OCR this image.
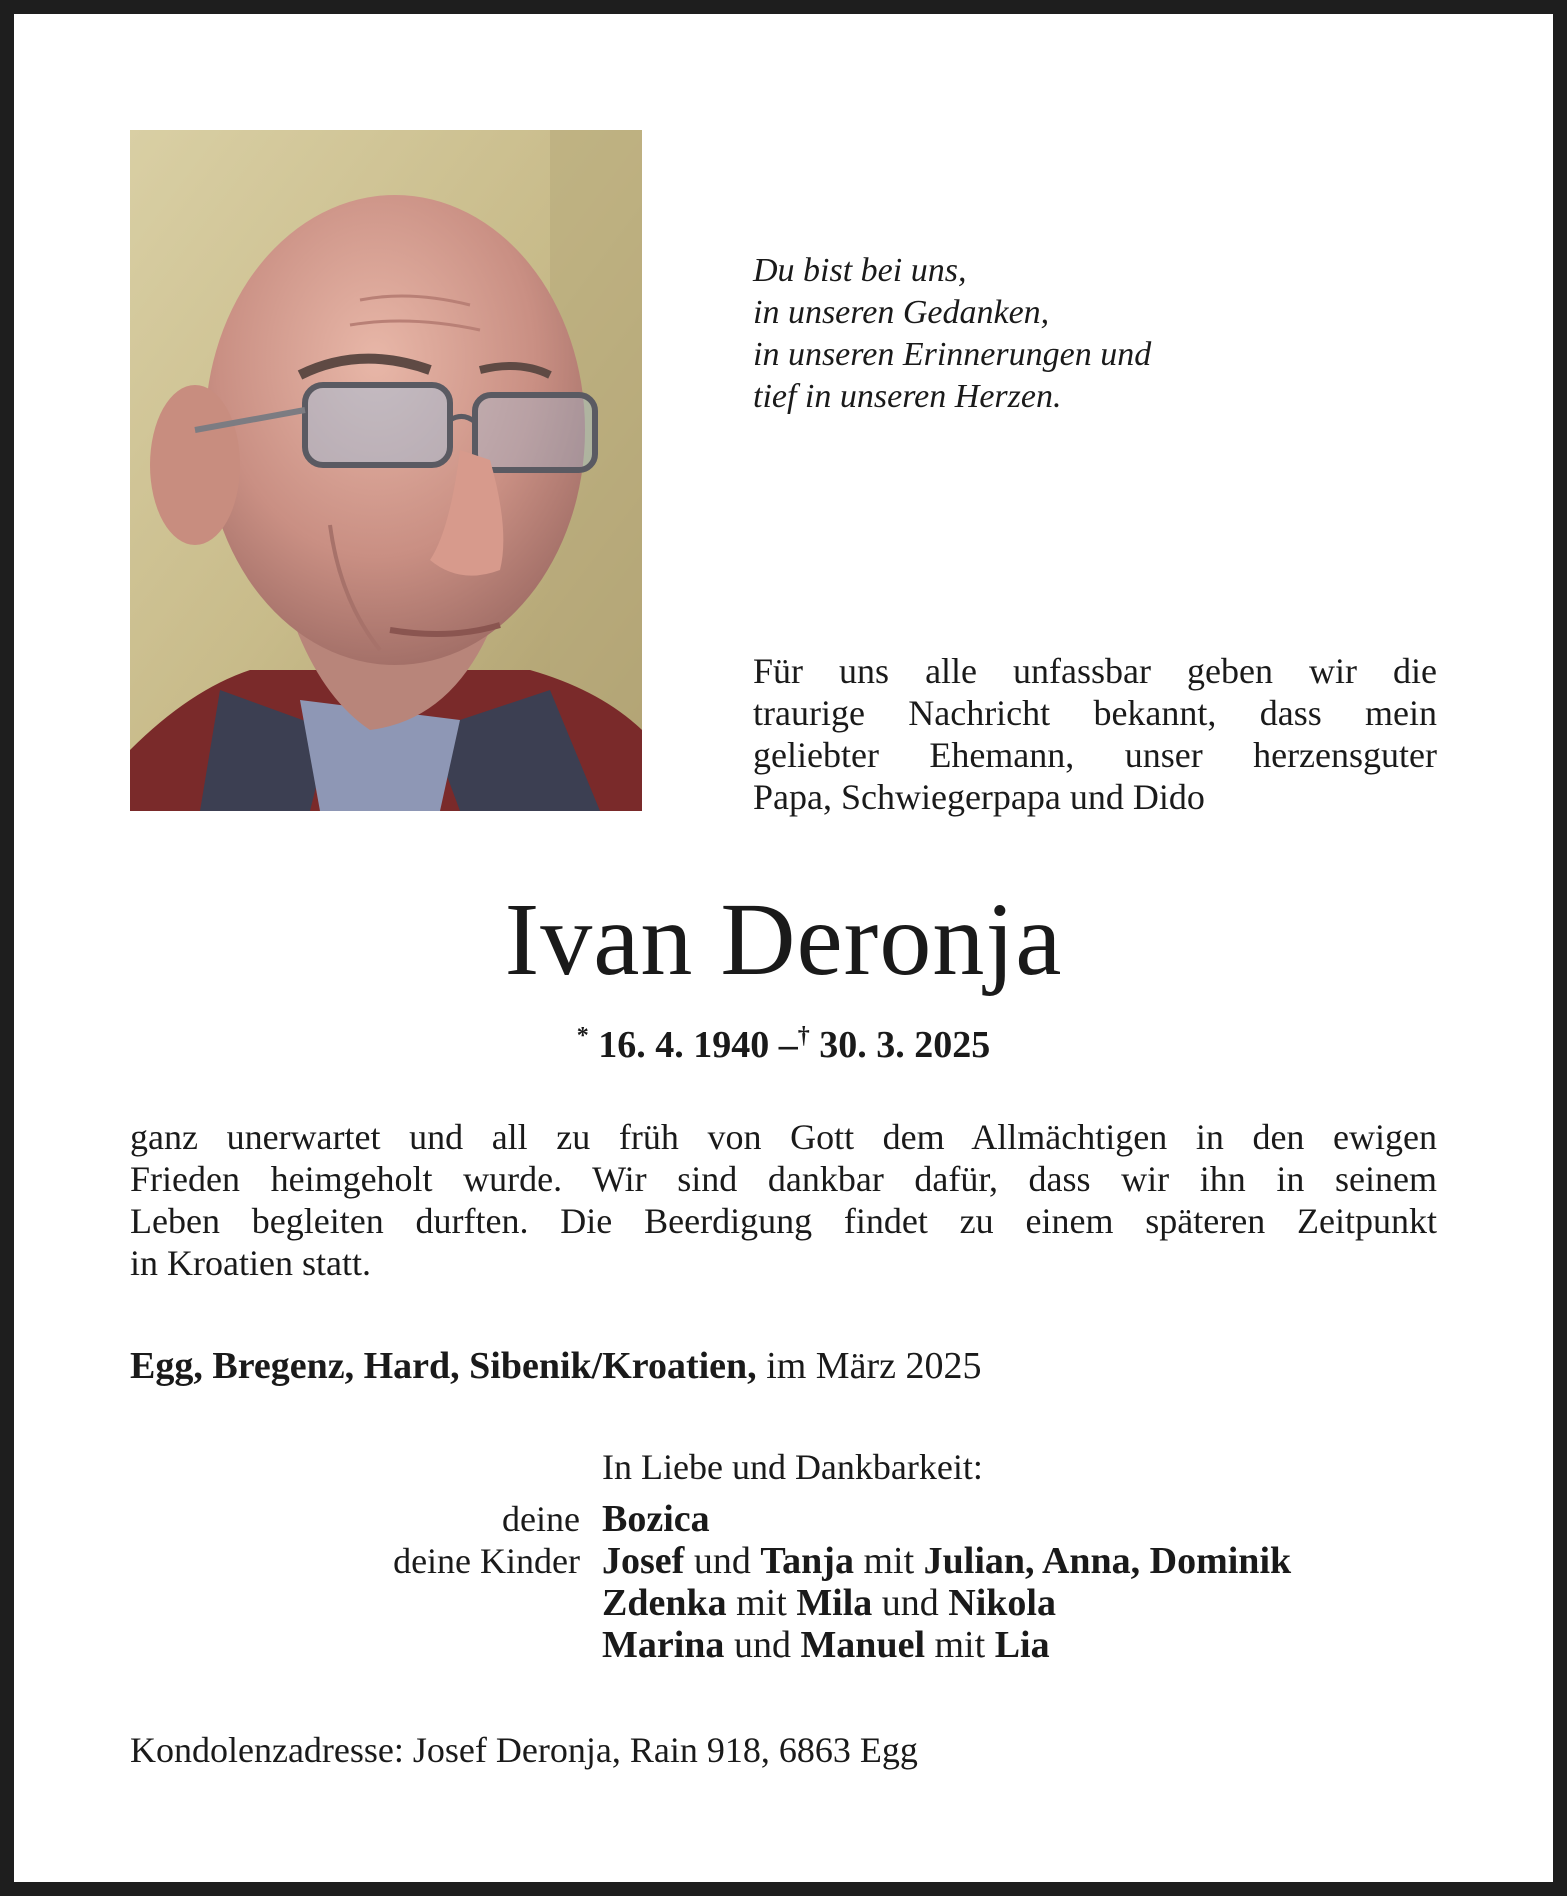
Du bist bei uns,
in unseren Gedanken,
in unseren Erinnerungen und
tief in unseren Herzen.
Für uns alle unfassbar geben wir die
traurige Nachricht bekannt, dass mein
geliebter Ehemann, unser herzensguter
Papa, Schwiegerpapa und Dido
Ivan Deronja
* 16. 4. 1940 –† 30. 3. 2025
ganz unerwartet und all zu früh von Gott dem Allmächtigen in den ewigen
Frieden heimgeholt wurde. Wir sind dankbar dafür, dass wir ihn in seinem
Leben begleiten durften. Die Beerdigung findet zu einem späteren Zeitpunkt
in Kroatien statt.
Egg, Bregenz, Hard, Sibenik/Kroatien, im März 2025
In Liebe und Dankbarkeit:
deine Bozica
deine Kinder Josef und Tanja mit Julian, Anna, Dominik
Zdenka mit Mila und Nikola
Marina und Manuel mit Lia
Kondolenzadresse: Josef Deronja, Rain 918, 6863 Egg
